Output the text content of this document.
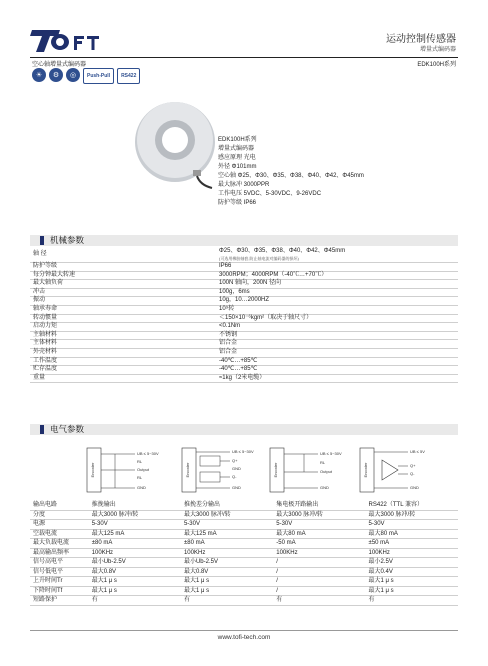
运动控制传感器
增量式编码器
空心轴增量式编码器	EDK100H系列
☀	⚙	◎	Push-Pull	RS422
EDK100H系列
增量式编码器
感应原理 光电
外径 Φ101mm
空心轴 Φ25、Φ30、Φ35、Φ38、Φ40、Φ42、Φ45mm
最大脉冲 3000PPR
工作电压 5VDC、5-30VDC、9-26VDC
防护等级 IP66
机械参数
轴 径	Φ25、Φ30、Φ35、Φ38、Φ40、Φ42、Φ45mm
(可选用橡胶轴套,防止轴电流对编码器的损坏)

防护等级	IP66
每分钟最大转速	3000RPM；4000RPM（-40℃…+70℃）
最大轴负荷	100N 轴向，200N 径向
冲击	100g，6ms
振动	10g，10…2000HZ
轴承寿命	10⁹转
转动惯量	＜150×10⁻⁶kgm²（取决于轴尺寸）
启动力矩	<0.1Nm
主轴材料	不锈钢
主体材料	铝合金
外壳材料	铝合金
工作温度	-40℃…+85℃
贮存温度	-40℃…+85℃
重量	≈1kg（2米电缆）
电气参数
Encoder
UB ≤ 5~30V
RL
Output
RL
GND
Encoder
UB ≤ 5~30V
Q+
GND
Q-
GND
Encoder
UB ≤ 5~30V
RL
Output
GND
Encoder
UB ≤ 5V
Q+
Q-
GND
输出电路	推挽输出	推挽差分输出	集电极开路输出	RS422（TTL 兼容）
分度	最大3000 脉冲/转	最大3000 脉冲/转	最大3000 脉冲/转	最大3000 脉冲/转
电源	5-30V	5-30V	5-30V	5-30V
空载电流	最大125 mA	最大125 mA	最大80 mA	最大80 mA
最大负载电流	±80 mA	±80 mA	-50 mA	±50 mA
最高输出频率	100KHz	100KHz	100KHz	100KHz
信号高电平	最小Ub-2.5V	最小Ub-2.5V	/	最小2.5V
信号低电平	最大0.8V	最大0.8V	/	最大0.4V
上升时间Tr	最大1 μ s	最大1 μ s	/	最大1 μ s
下降时间Tf	最大1 μ s	最大1 μ s	/	最大1 μ s
短路保护	有	有	有	有
www.tofi-tech.com
